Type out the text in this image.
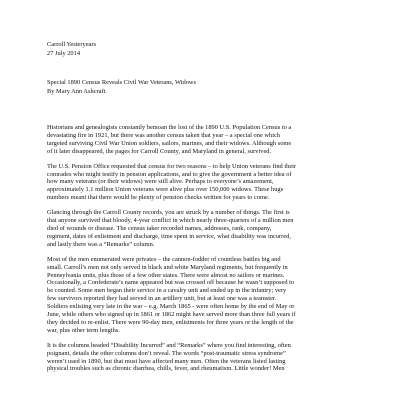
Carroll Yesteryears
27 July 2014
Special 1890 Census Reveals Civil War Veterans, Widows
By Mary Ann Ashcraft

Historians and genealogists constantly bemoan the lost of the 1890 U.S. Population Census to a
devastating fire in 1921, but there was another census taken that year – a special one which
targeted surviving Civil War Union soldiers, sailors, marines, and their widows. Although some
of it later disappeared, the pages for Carroll County, and Maryland in general, survived.

The U.S. Pension Office requested that census for two reasons – to help Union veterans find their
comrades who might testify in pension applications, and to give the government a better idea of
how many veterans (or their widows) were still alive. Perhaps to everyone’s amazement,
approximately 1.1 million Union veterans were alive plus over 150,000 widows. These huge
numbers meant that there would be plenty of pension checks written for years to come.

Glancing through the Carroll County records, you are struck by a number of things. The first is
that anyone survived that bloody, 4-year conflict in which nearly three-quarters of a million men
died of wounds or disease. The census taker recorded names, addresses, rank, company,
regiment, dates of enlistment and discharge, time spent in service, what disability was incurred,
and lastly there was a “Remarks” column.

Most of the men enumerated were privates – the cannon-fodder of countless battles big and
small. Carroll’s men not only served in black and white Maryland regiments, but frequently in
Pennsylvania units, plus those of a few other states. There were almost no sailors or marines.
Occasionally, a Confederate’s name appeared but was crossed off because he wasn’t supposed to
be counted. Some men began their service in a cavalry unit and ended up in the infantry; very
few survivors reported they had served in an artillery unit, but at least one was a teamster.
Soldiers enlisting very late in the war – e.g. March 1865 - were often home by the end of May or
June, while others who signed up in 1861 or 1862 might have served more than three full years if
they decided to re-enlist. There were 90-day men, enlistments for three years or the length of the
war, plus other term lengths.

It is the columns headed “Disability Incurred” and “Remarks” where you find interesting, often
poignant, details the other columns don’t reveal. The words “post-traumatic stress syndrome”
weren’t used in 1890, but that must have affected many men. Often the veterans listed lasting
physical troubles such as chronic diarrhea, chills, fever, and rheumatism. Little wonder! Men
